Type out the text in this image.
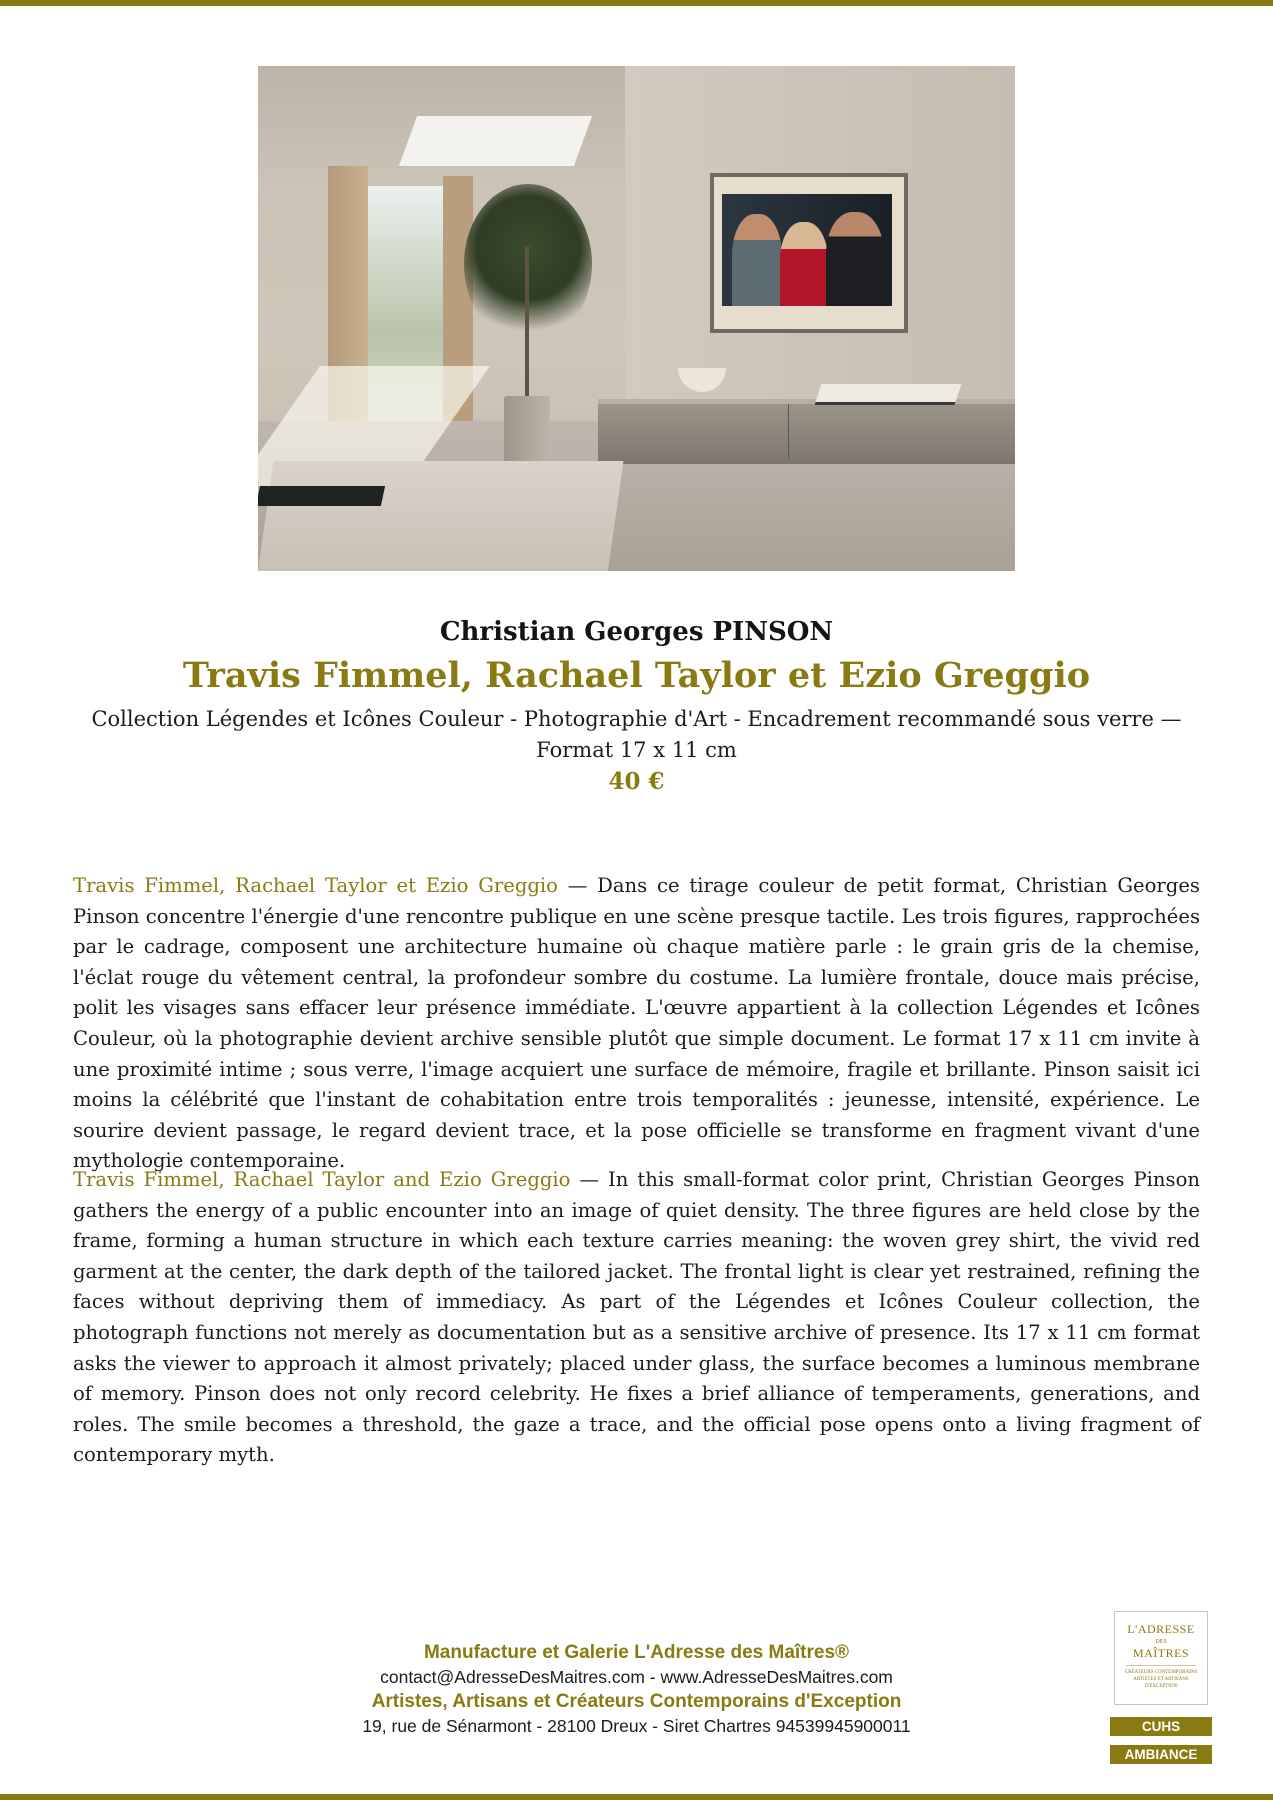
Christian Georges PINSON
Travis Fimmel, Rachael Taylor et Ezio Greggio
Collection Légendes et Icônes Couleur - Photographie d'Art - Encadrement recommandé sous verre — Format 17 x 11 cm
40 €

Travis Fimmel, Rachael Taylor et Ezio Greggio — Dans ce tirage couleur de petit format, Christian Georges Pinson concentre l'énergie d'une rencontre publique en une scène presque tactile. Les trois figures, rapprochées par le cadrage, composent une architecture humaine où chaque matière parle : le grain gris de la chemise, l'éclat rouge du vêtement central, la profondeur sombre du costume. La lumière frontale, douce mais précise, polit les visages sans effacer leur présence immédiate. L'œuvre appartient à la collection Légendes et Icônes Couleur, où la photographie devient archive sensible plutôt que simple document. Le format 17 x 11 cm invite à une proximité intime ; sous verre, l'image acquiert une surface de mémoire, fragile et brillante. Pinson saisit ici moins la célébrité que l'instant de cohabitation entre trois temporalités : jeunesse, intensité, expérience. Le sourire devient passage, le regard devient trace, et la pose officielle se transforme en fragment vivant d'une mythologie contemporaine.

Travis Fimmel, Rachael Taylor and Ezio Greggio — In this small-format color print, Christian Georges Pinson gathers the energy of a public encounter into an image of quiet density. The three figures are held close by the frame, forming a human structure in which each texture carries meaning: the woven grey shirt, the vivid red garment at the center, the dark depth of the tailored jacket. The frontal light is clear yet restrained, refining the faces without depriving them of immediacy. As part of the Légendes et Icônes Couleur collection, the photograph functions not merely as documentation but as a sensitive archive of presence. Its 17 x 11 cm format asks the viewer to approach it almost privately; placed under glass, the surface becomes a luminous membrane of memory. Pinson does not only record celebrity. He fixes a brief alliance of temperaments, generations, and roles. The smile becomes a threshold, the gaze a trace, and the official pose opens onto a living fragment of contemporary myth.

Manufacture et Galerie L'Adresse des Maîtres®
contact@AdresseDesMaitres.com - www.AdresseDesMaitres.com
Artistes, Artisans et Créateurs Contemporains d'Exception
19, rue de Sénarmont - 28100 Dreux - Siret Chartres 94539945900011
L'ADRESSE
DES
MAÎTRES
CRÉATEURS CONTEMPORAINS ARTISTES ET ARTISANS D'EXCEPTION
CUHS
AMBIANCE
